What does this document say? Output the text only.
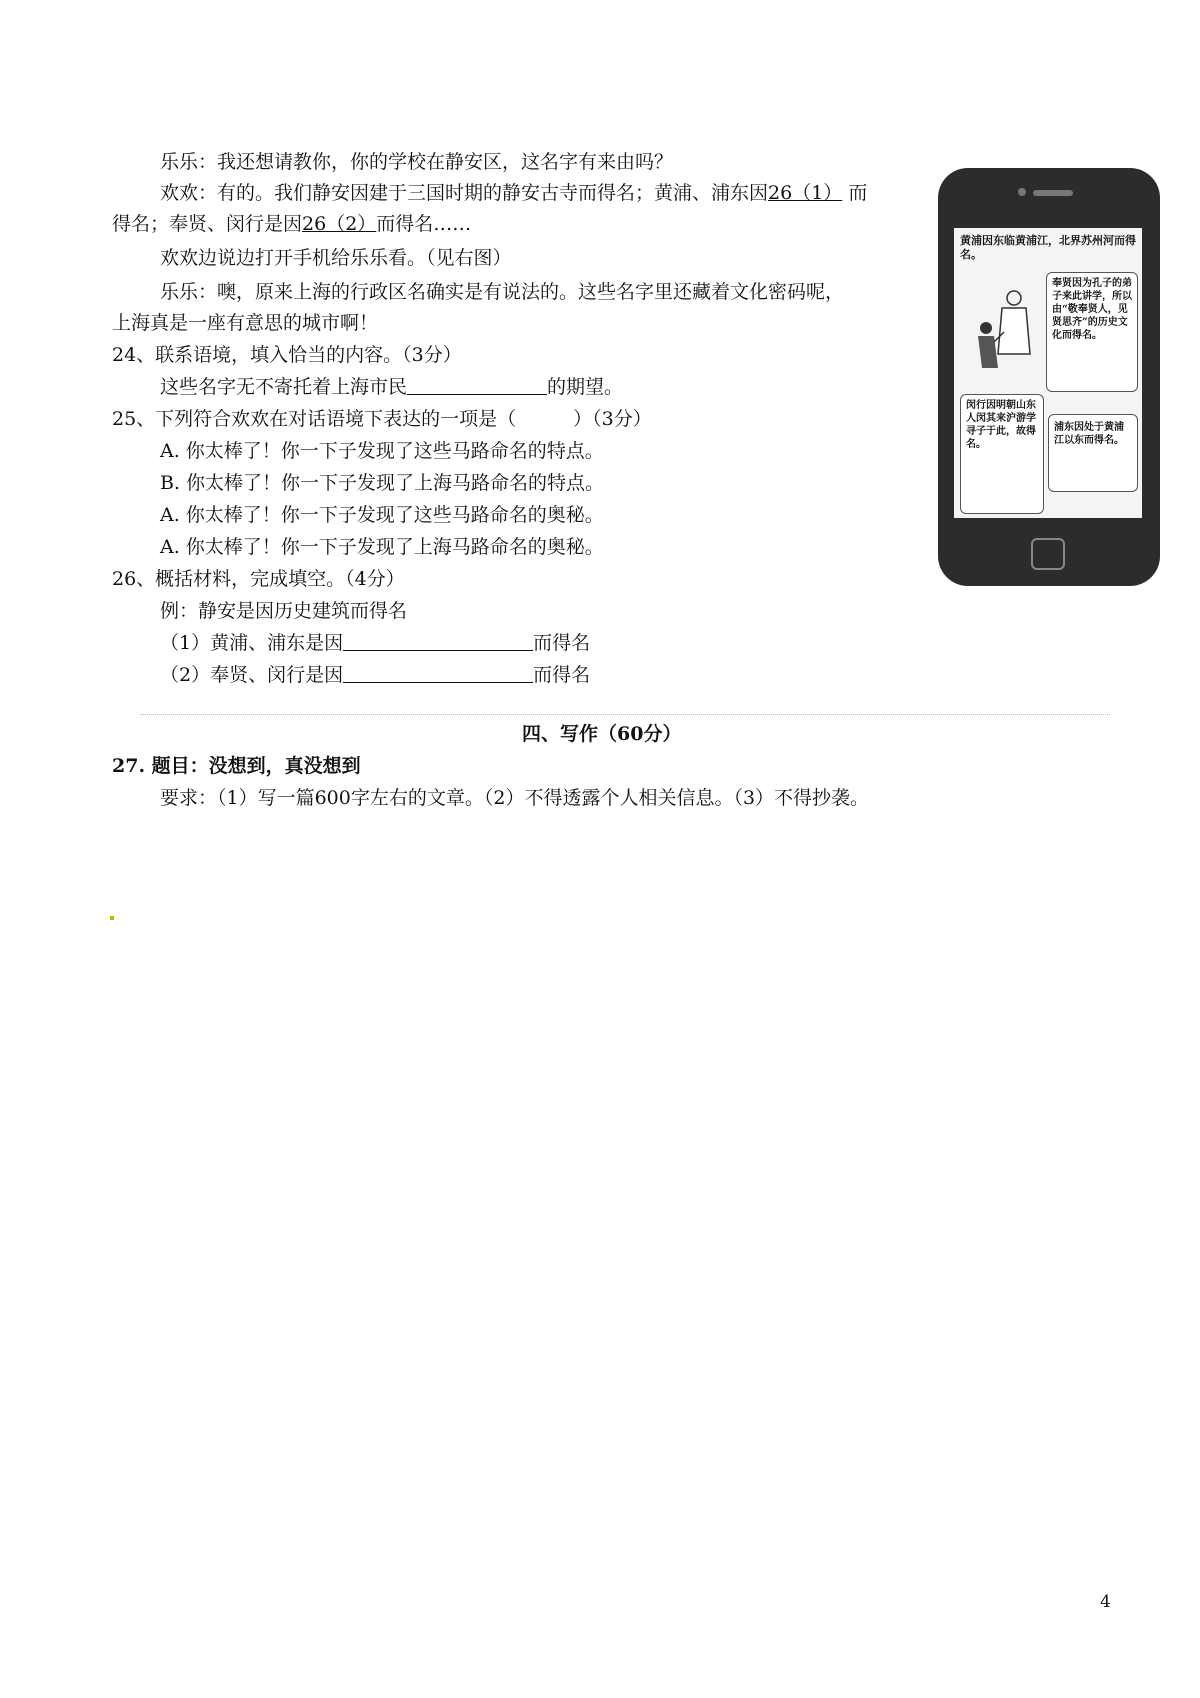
乐乐：我还想请教你，你的学校在静安区，这名字有来由吗？
欢欢：有的。我们静安因建于三国时期的静安古寺而得名；黄浦、浦东因26（1） 而
得名；奉贤、闵行是因26（2）而得名……
欢欢边说边打开手机给乐乐看。（见右图）
乐乐：噢，原来上海的行政区名确实是有说法的。这些名字里还藏着文化密码呢，
上海真是一座有意思的城市啊！
24、联系语境，填入恰当的内容。（3分）
这些名字无不寄托着上海市民	的期望。
25、下列符合欢欢在对话语境下表达的一项是（　　　）（3分）
A. 你太棒了！你一下子发现了这些马路命名的特点。
B. 你太棒了！你一下子发现了上海马路命名的特点。
A. 你太棒了！你一下子发现了这些马路命名的奥秘。
A. 你太棒了！你一下子发现了上海马路命名的奥秘。
26、概括材料，完成填空。（4分）
例：静安是因历史建筑而得名
（1）黄浦、浦东是因	而得名
（2）奉贤、闵行是因	而得名
四、写作（60分）
27. 题目：没想到，真没想到
要求：（1）写一篇600字左右的文章。（2）不得透露个人相关信息。（3）不得抄袭。
黄浦因东临黄浦江，北界苏州河而得名。
奉贤因为孔子的弟子来此讲学，所以由“敬奉贤人，见贤思齐”的历史文化而得名。
闵行因明朝山东人闵其来沪游学寻子于此，故得名。
浦东因处于黄浦江以东而得名。
4
